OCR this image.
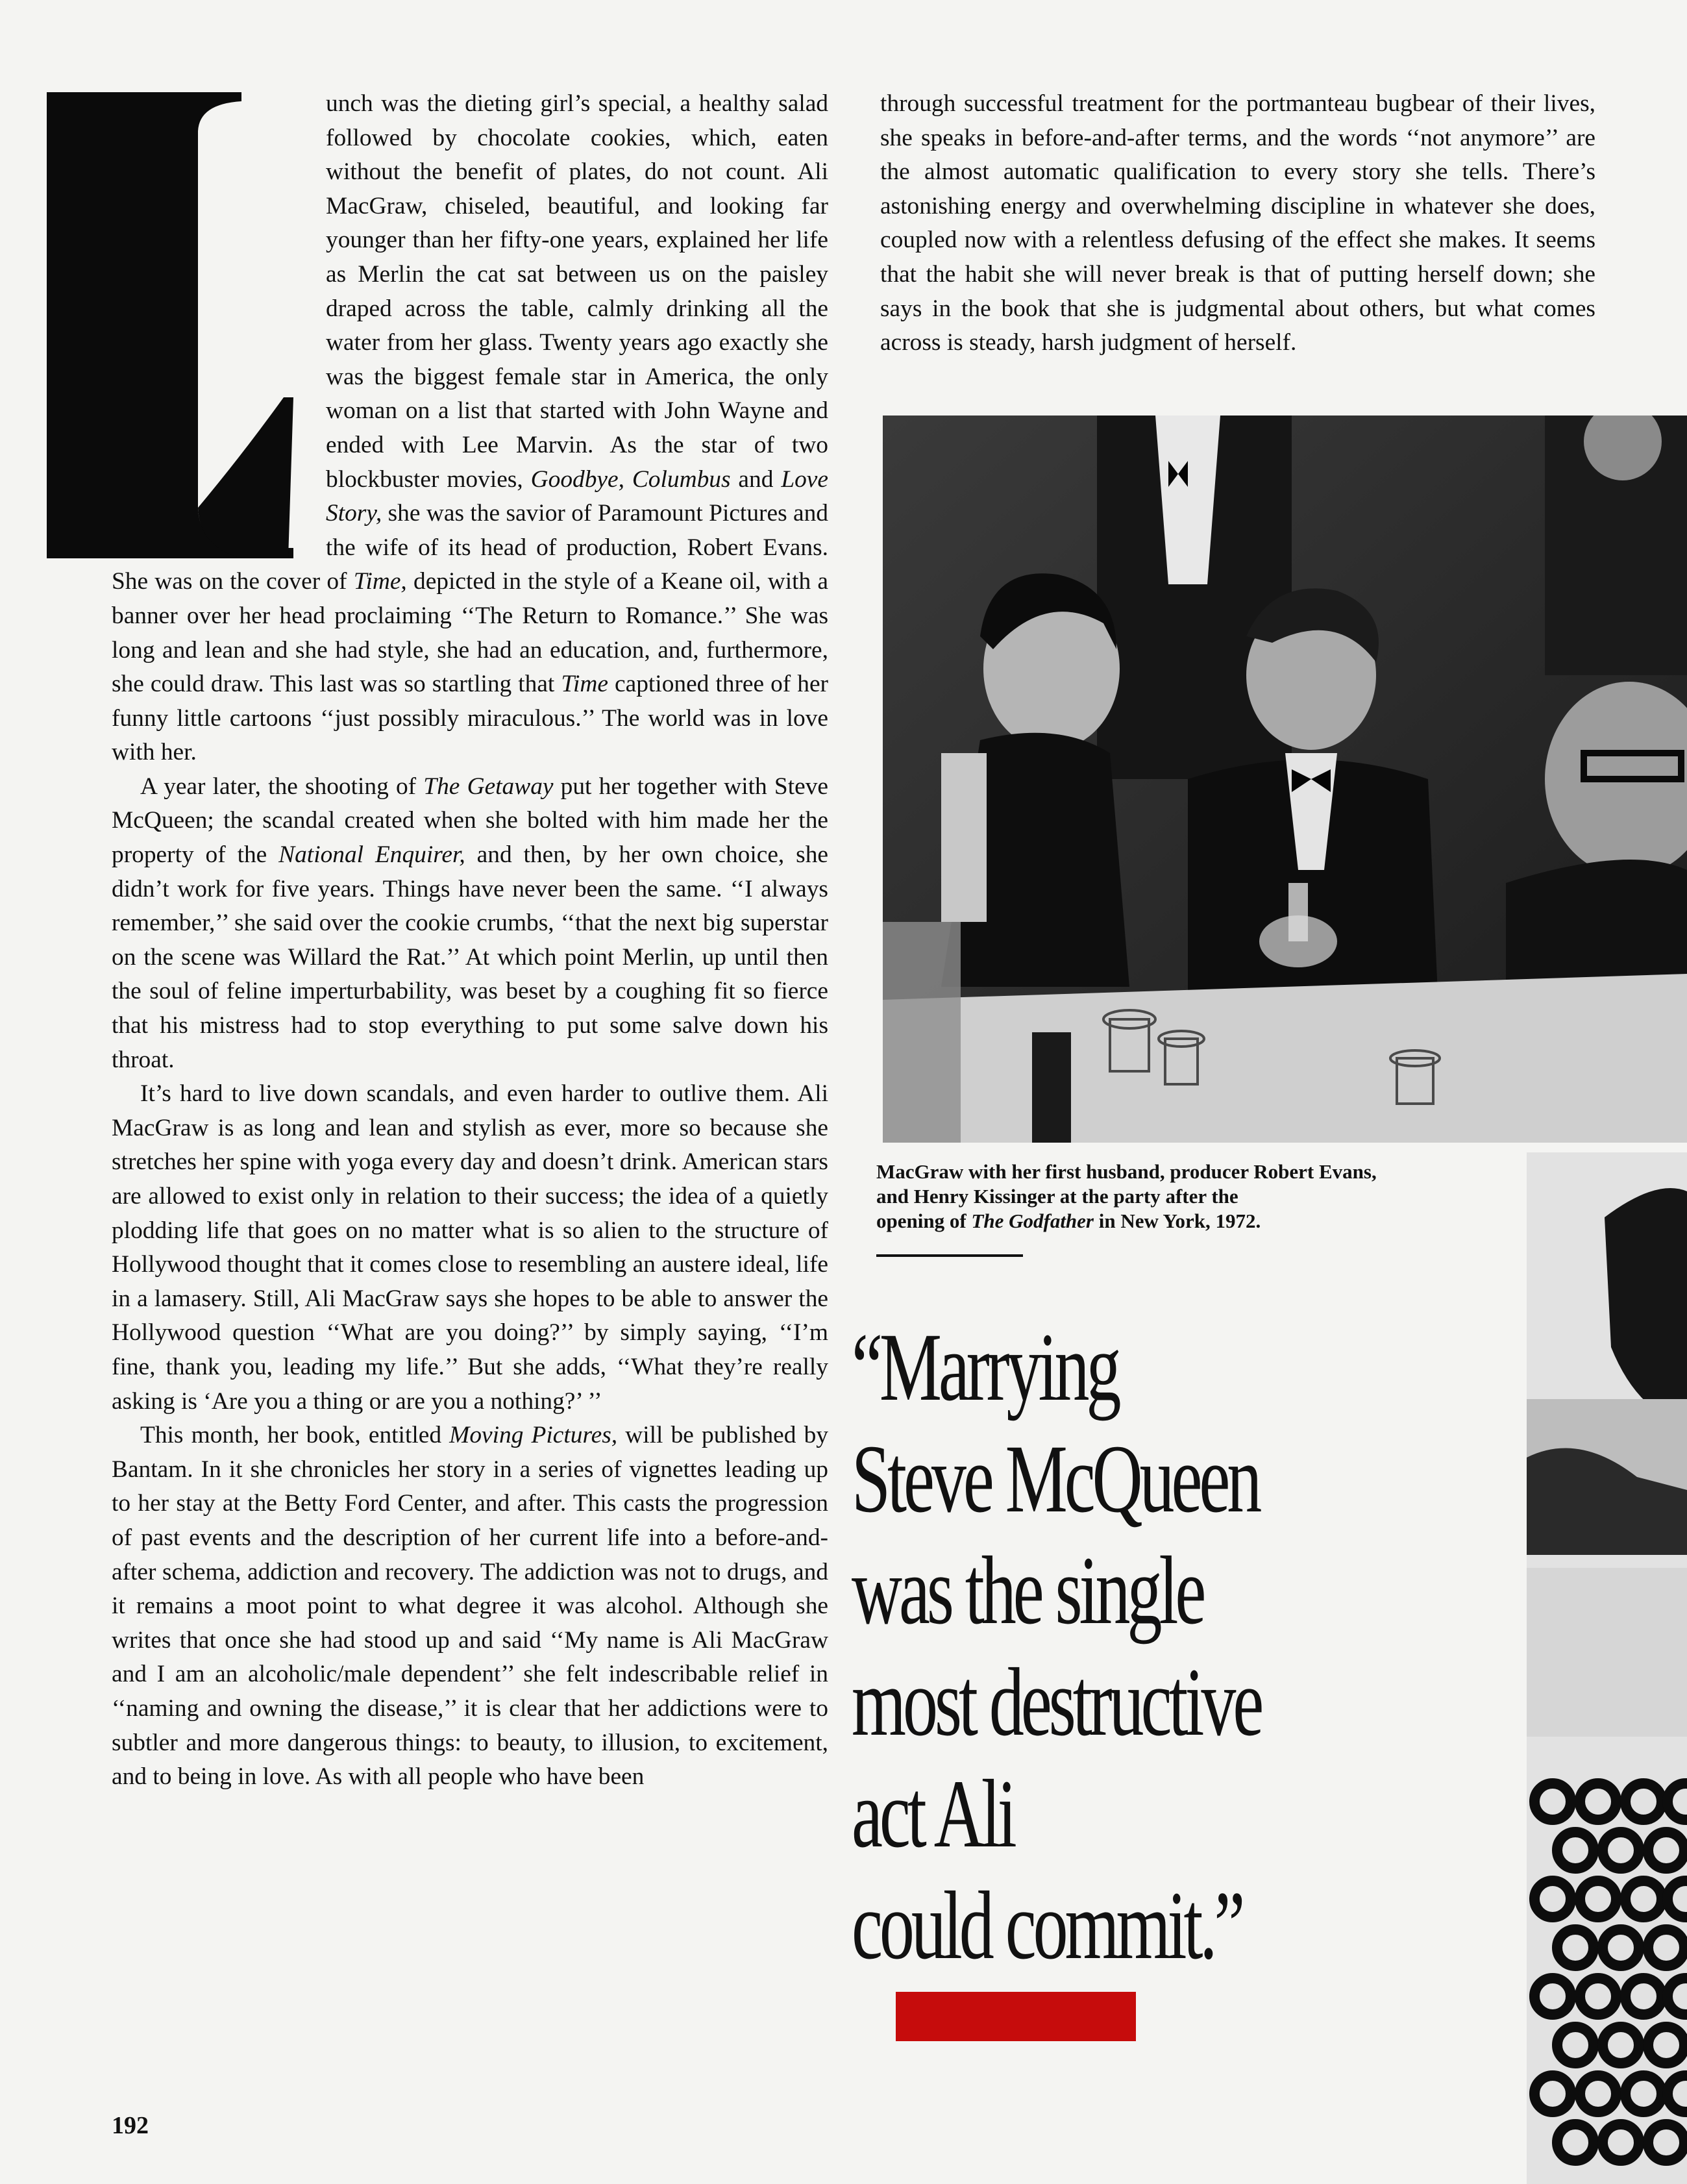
unch was the dieting girl’s special, a healthy salad followed by chocolate cookies, which, eaten without the benefit of plates, do not count. Ali MacGraw, chiseled, beautiful, and looking far younger than her fifty-one years, explained her life as Merlin the cat sat between us on the paisley draped across the table, calmly drinking all the water from her glass. Twenty years ago exactly she was the biggest female star in America, the only woman on a list that started with John Wayne and ended with Lee Marvin. As the star of two blockbuster movies, Goodbye, Columbus and Love Story, she was the savior of Paramount Pictures and the wife of its head of production, Robert Evans. She was on the cover of Time, depicted in the style of a Keane oil, with a banner over her head proclaiming ‘‘The Return to Romance.’’ She was long and lean and she had style, she had an education, and, furthermore, she could draw. This last was so startling that Time captioned three of her funny little cartoons ‘‘just possibly miraculous.’’ The world was in love with her.

A year later, the shooting of The Getaway put her together with Steve McQueen; the scandal created when she bolted with him made her the property of the National Enquirer, and then, by her own choice, she didn’t work for five years. Things have never been the same. ‘‘I always remember,’’ she said over the cookie crumbs, ‘‘that the next big superstar on the scene was Willard the Rat.’’ At which point Merlin, up until then the soul of feline imperturbability, was beset by a coughing fit so fierce that his mistress had to stop everything to put some salve down his throat.

It’s hard to live down scandals, and even harder to outlive them. Ali MacGraw is as long and lean and stylish as ever, more so because she stretches her spine with yoga every day and doesn’t drink. American stars are allowed to exist only in relation to their success; the idea of a quietly plodding life that goes on no matter what is so alien to the structure of Hollywood thought that it comes close to resembling an austere ideal, life in a lamasery. Still, Ali MacGraw says she hopes to be able to answer the Hollywood question ‘‘What are you doing?’’ by simply saying, ‘‘I’m fine, thank you, leading my life.’’ But she adds, ‘‘What they’re really asking is ‘Are you a thing or are you a nothing?’ ’’

This month, her book, entitled Moving Pictures, will be published by Bantam. In it she chronicles her story in a series of vignettes leading up to her stay at the Betty Ford Center, and after. This casts the progression of past events and the description of her current life into a before-and-after schema, addiction and recovery. The addiction was not to drugs, and it remains a moot point to what degree it was alcohol. Although she writes that once she had stood up and said ‘‘My name is Ali MacGraw and I am an alcoholic/male dependent’’ she felt indescribable relief in ‘‘naming and owning the disease,’’ it is clear that her addictions were to subtler and more dangerous things: to beauty, to illusion, to excitement, and to being in love. As with all people who have been

through successful treatment for the portmanteau bugbear of their lives, she speaks in before-and-after terms, and the words ‘‘not anymore’’ are the almost automatic qualification to every story she tells. There’s astonishing energy and overwhelming discipline in whatever she does, coupled now with a relentless defusing of the effect she makes. It seems that the habit she will never break is that of putting herself down; she says in the book that she is judgmental about others, but what comes across is steady, harsh judgment of herself.

MacGraw with her first husband, producer Robert Evans,
and Henry Kissinger at the party after the
opening of The Godfather in New York, 1972.
“Marrying
Steve McQueen
was the single
most destructive
act Ali
could commit.”
192
